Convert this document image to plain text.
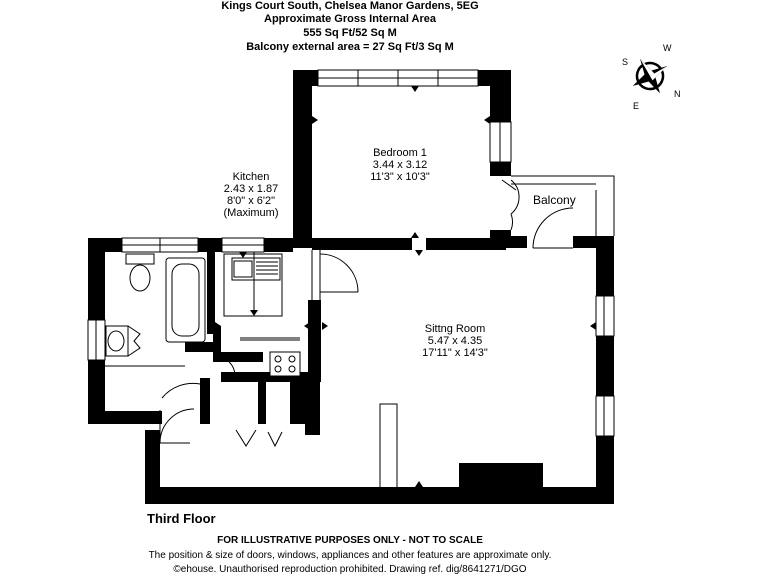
Kings Court South, Chelsea Manor Gardens, 5EG
Approximate Gross Internal Area
555 Sq Ft/52 Sq M
Balcony external area = 27 Sq Ft/3 Sq M	W
S
N
E
Kitchen
2.43 x 1.87
8'0" x 6'2"
(Maximum)
Bedroom 1
3.44 x 3.12
11'3" x 10'3"
Sittng Room
5.47 x 4.35
17'11" x 14'3"
Balcony
Third Floor
FOR ILLUSTRATIVE PURPOSES ONLY - NOT TO SCALE
The position & size of doors, windows, appliances and other features are approximate only.
©ehouse. Unauthorised reproduction prohibited. Drawing ref. dig/8641271/DGO
